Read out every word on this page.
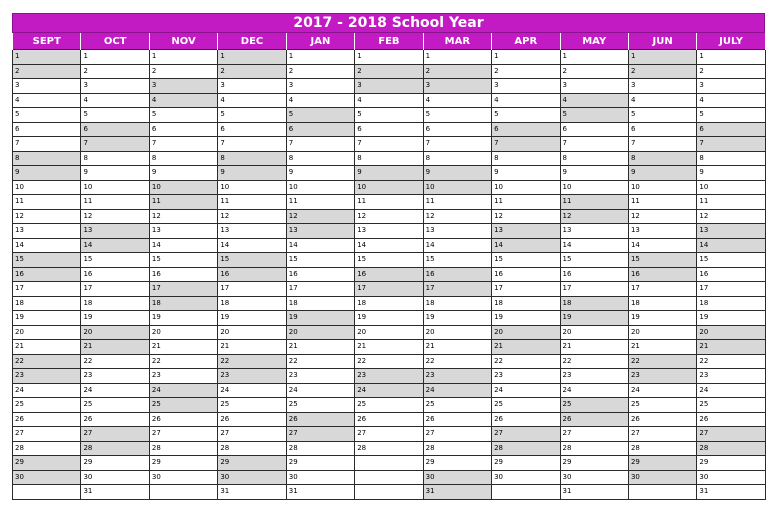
2017 - 2018 School Year
SEPT	OCT	NOV	DEC	JAN	FEB	MAR	APR	MAY	JUN	JULY
1	1	1	1	1	1	1	1	1	1	1
2	2	2	2	2	2	2	2	2	2	2
3	3	3	3	3	3	3	3	3	3	3
4	4	4	4	4	4	4	4	4	4	4
5	5	5	5	5	5	5	5	5	5	5
6	6	6	6	6	6	6	6	6	6	6
7	7	7	7	7	7	7	7	7	7	7
8	8	8	8	8	8	8	8	8	8	8
9	9	9	9	9	9	9	9	9	9	9
10	10	10	10	10	10	10	10	10	10	10
11	11	11	11	11	11	11	11	11	11	11
12	12	12	12	12	12	12	12	12	12	12
13	13	13	13	13	13	13	13	13	13	13
14	14	14	14	14	14	14	14	14	14	14
15	15	15	15	15	15	15	15	15	15	15
16	16	16	16	16	16	16	16	16	16	16
17	17	17	17	17	17	17	17	17	17	17
18	18	18	18	18	18	18	18	18	18	18
19	19	19	19	19	19	19	19	19	19	19
20	20	20	20	20	20	20	20	20	20	20
21	21	21	21	21	21	21	21	21	21	21
22	22	22	22	22	22	22	22	22	22	22
23	23	23	23	23	23	23	23	23	23	23
24	24	24	24	24	24	24	24	24	24	24
25	25	25	25	25	25	25	25	25	25	25
26	26	26	26	26	26	26	26	26	26	26
27	27	27	27	27	27	27	27	27	27	27
28	28	28	28	28	28	28	28	28	28	28
29	29	29	29	29		29	29	29	29	29
30	30	30	30	30		30	30	30	30	30
	31		31	31		31		31		31
